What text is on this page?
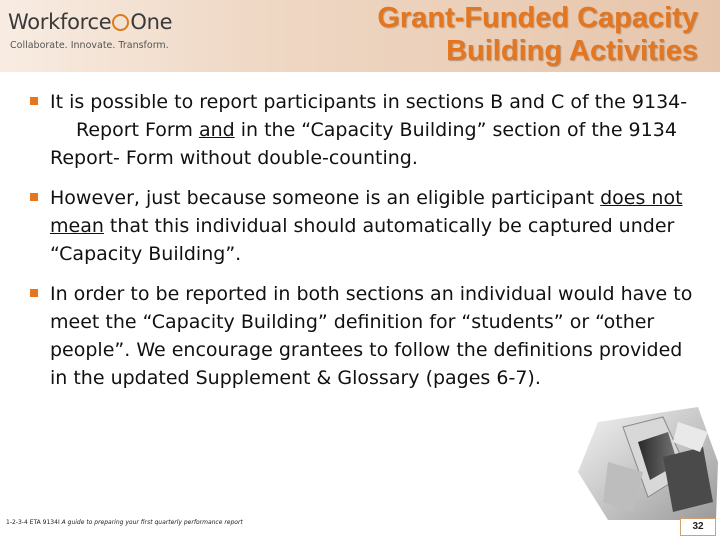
Workforce One
Collaborate. Innovate. Transform.
Grant-Funded Capacity
Building Activities
It is possible to report participants in sections B and C of the 9134-Report Form and in the “Capacity Building” section of the 9134 Report- Form without double-counting.
However, just because someone is an eligible participant does not mean that this individual should automatically be captured under “Capacity Building”.
In order to be reported in both sections an individual would have to meet the “Capacity Building” definition for “students” or “other people”. We encourage grantees to follow the definitions provided in the updated Supplement & Glossary (pages 6-7).
1-2-3-4 ETA 9134I A guide to preparing your first quarterly performance report	32
